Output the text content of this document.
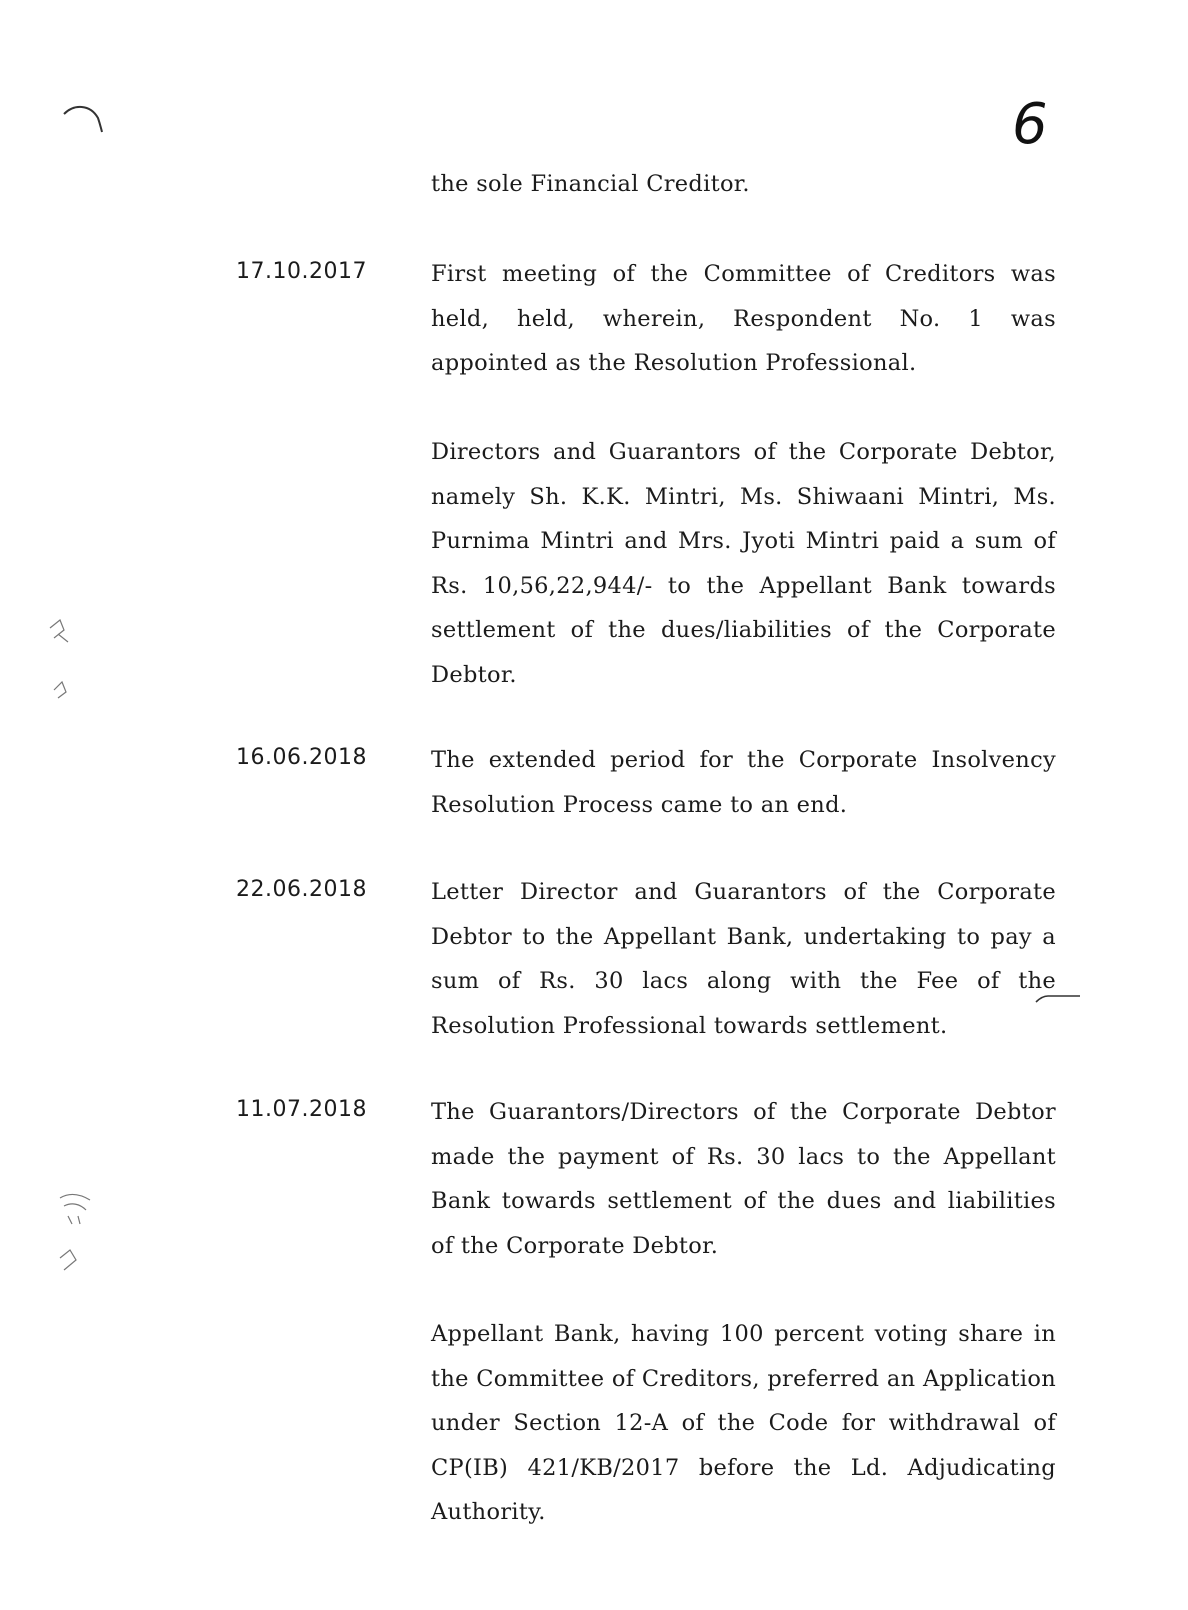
6
the sole Financial Creditor.
17.10.2017	First meeting of the Committee of Creditors was held, held, wherein, Respondent No. 1 was appointed as the Resolution Professional.
Directors and Guarantors of the Corporate Debtor, namely Sh. K.K. Mintri, Ms. Shiwaani Mintri, Ms. Purnima Mintri and Mrs. Jyoti Mintri paid a sum of Rs. 10,56,22,944/- to the Appellant Bank towards settlement of the dues/liabilities of the Corporate Debtor.
16.06.2018	The extended period for the Corporate Insolvency Resolution Process came to an end.
22.06.2018	Letter Director and Guarantors of the Corporate Debtor to the Appellant Bank, undertaking to pay a sum of Rs. 30 lacs along with the Fee of the Resolution Professional towards settlement.
11.07.2018	The Guarantors/Directors of the Corporate Debtor made the payment of Rs. 30 lacs to the Appellant Bank towards settlement of the dues and liabilities of the Corporate Debtor.
Appellant Bank, having 100 percent voting share in the Committee of Creditors, preferred an Application under Section 12-A of the Code for withdrawal of CP(IB) 421/KB/2017 before the Ld. Adjudicating Authority.
